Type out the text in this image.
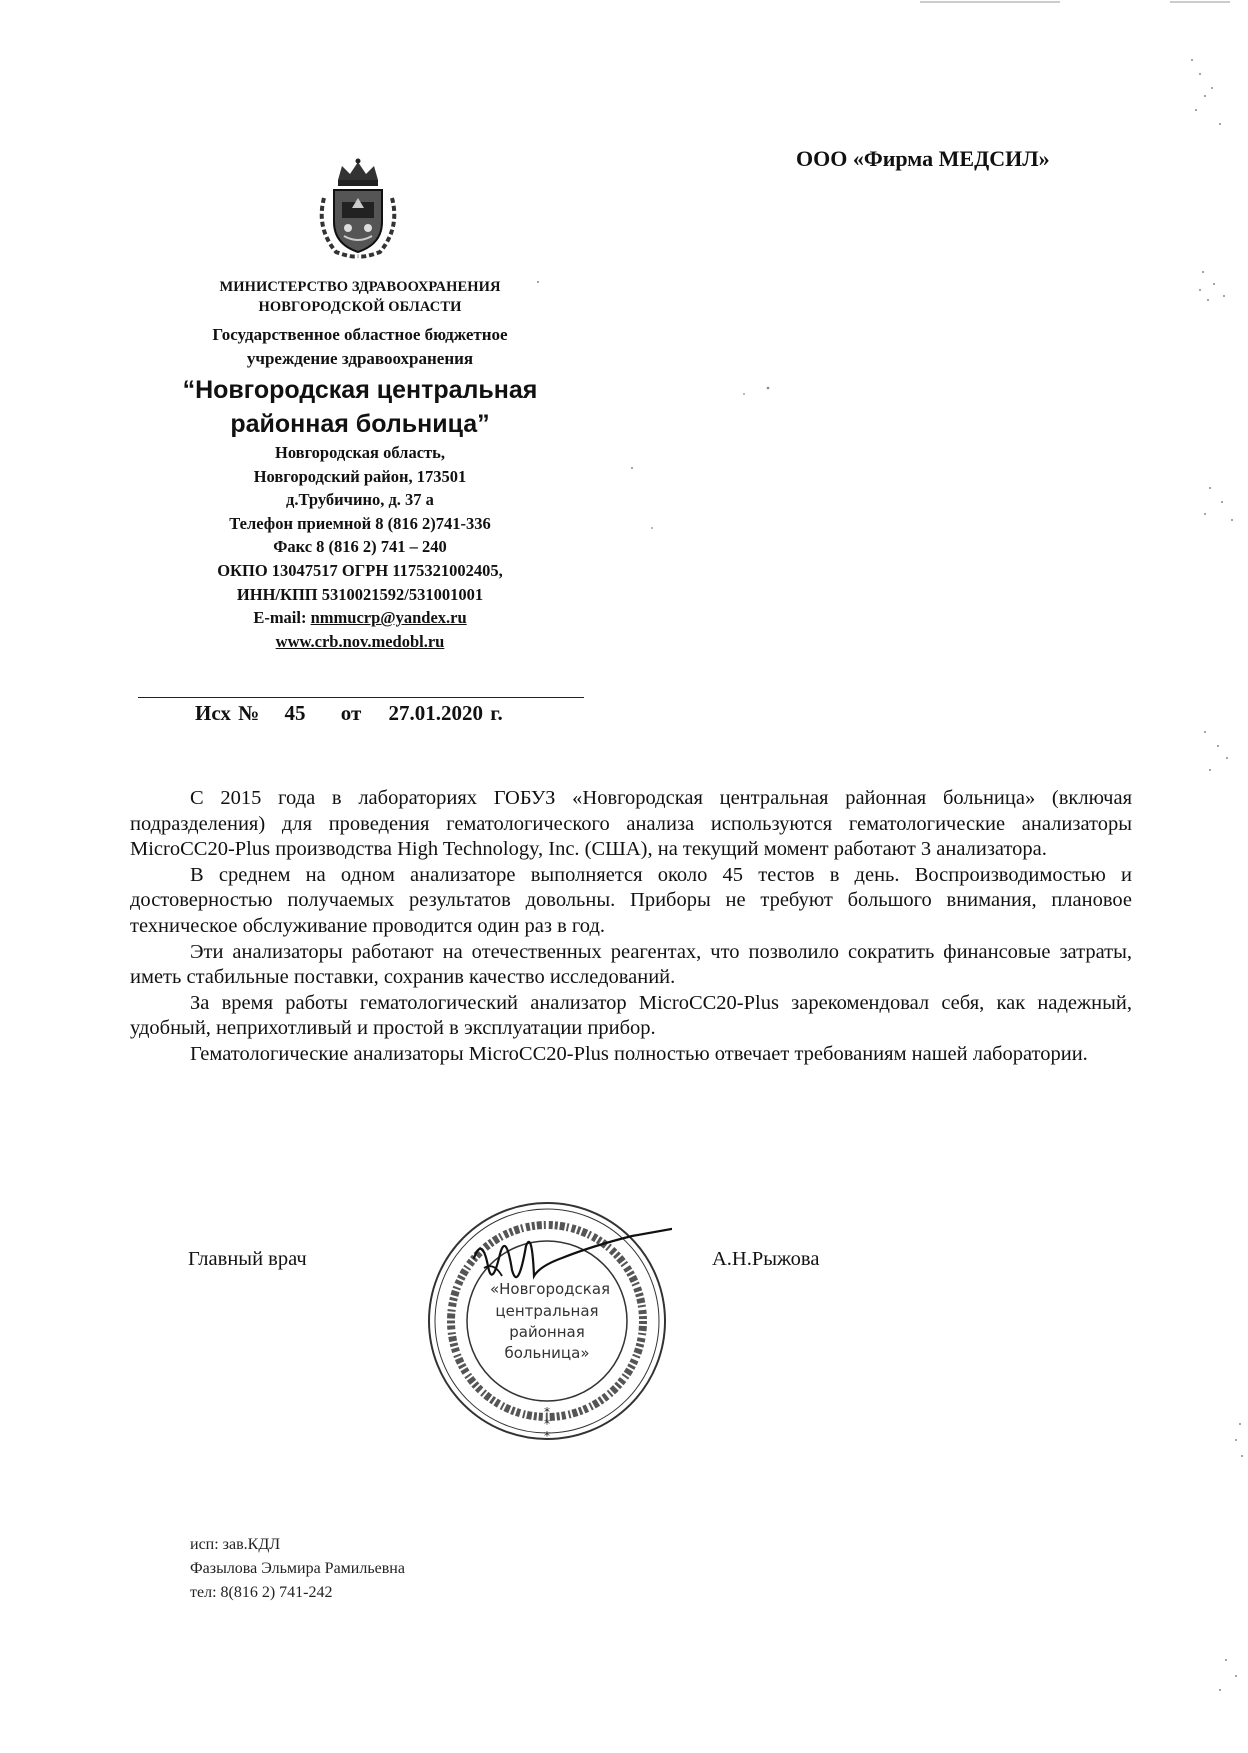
ООО «Фирма МЕДСИЛ»
МИНИСТЕРСТВО ЗДРАВООХРАНЕНИЯ
НОВГОРОДСКОЙ ОБЛАСТИ
Государственное областное бюджетное
учреждение здравоохранения
“Новгородская центральная
районная больница”
Новгородская область,
Новгородский район, 173501
д.Трубичино, д. 37 а
Телефон приемной 8 (816 2)741-336
Факс 8 (816 2) 741 – 240
ОКПО 13047517 ОГРН 1175321002405,
ИНН/КПП 5310021592/531001001
E-mail: nmmucrp@yandex.ru
www.crb.nov.medobl.ru
Исх № 45 от 27.01.2020 г.

С 2015 года в лабораториях ГОБУЗ «Новгородская центральная районная больница» (включая подразделения) для проведения гематологического анализа используются гематологические анализаторы MicroCC20-Plus производства High Technology, Inc. (США), на текущий момент работают 3 анализатора.

В среднем на одном анализаторе выполняется около 45 тестов в день. Воспроизводимостью и достоверностью получаемых результатов довольны. Приборы не требуют большого внимания, плановое техническое обслуживание проводится один раз в год.

Эти анализаторы работают на отечественных реагентах, что позволило сократить финансовые затраты, иметь стабильные поставки, сохранив качество исследований.

За время работы гематологический анализатор MicroCC20-Plus зарекомендовал себя, как надежный, удобный, неприхотливый и простой в эксплуатации прибор.

Гематологические анализаторы MicroCC20-Plus полностью отвечает требованиям нашей лаборатории.

Главный врач
«Новгородская
центральная
районная
больница»
*
*
*
А.Н.Рыжова
исп: зав.КДЛ
Фазылова Эльмира Рамильевна
тел: 8(816 2) 741-242
